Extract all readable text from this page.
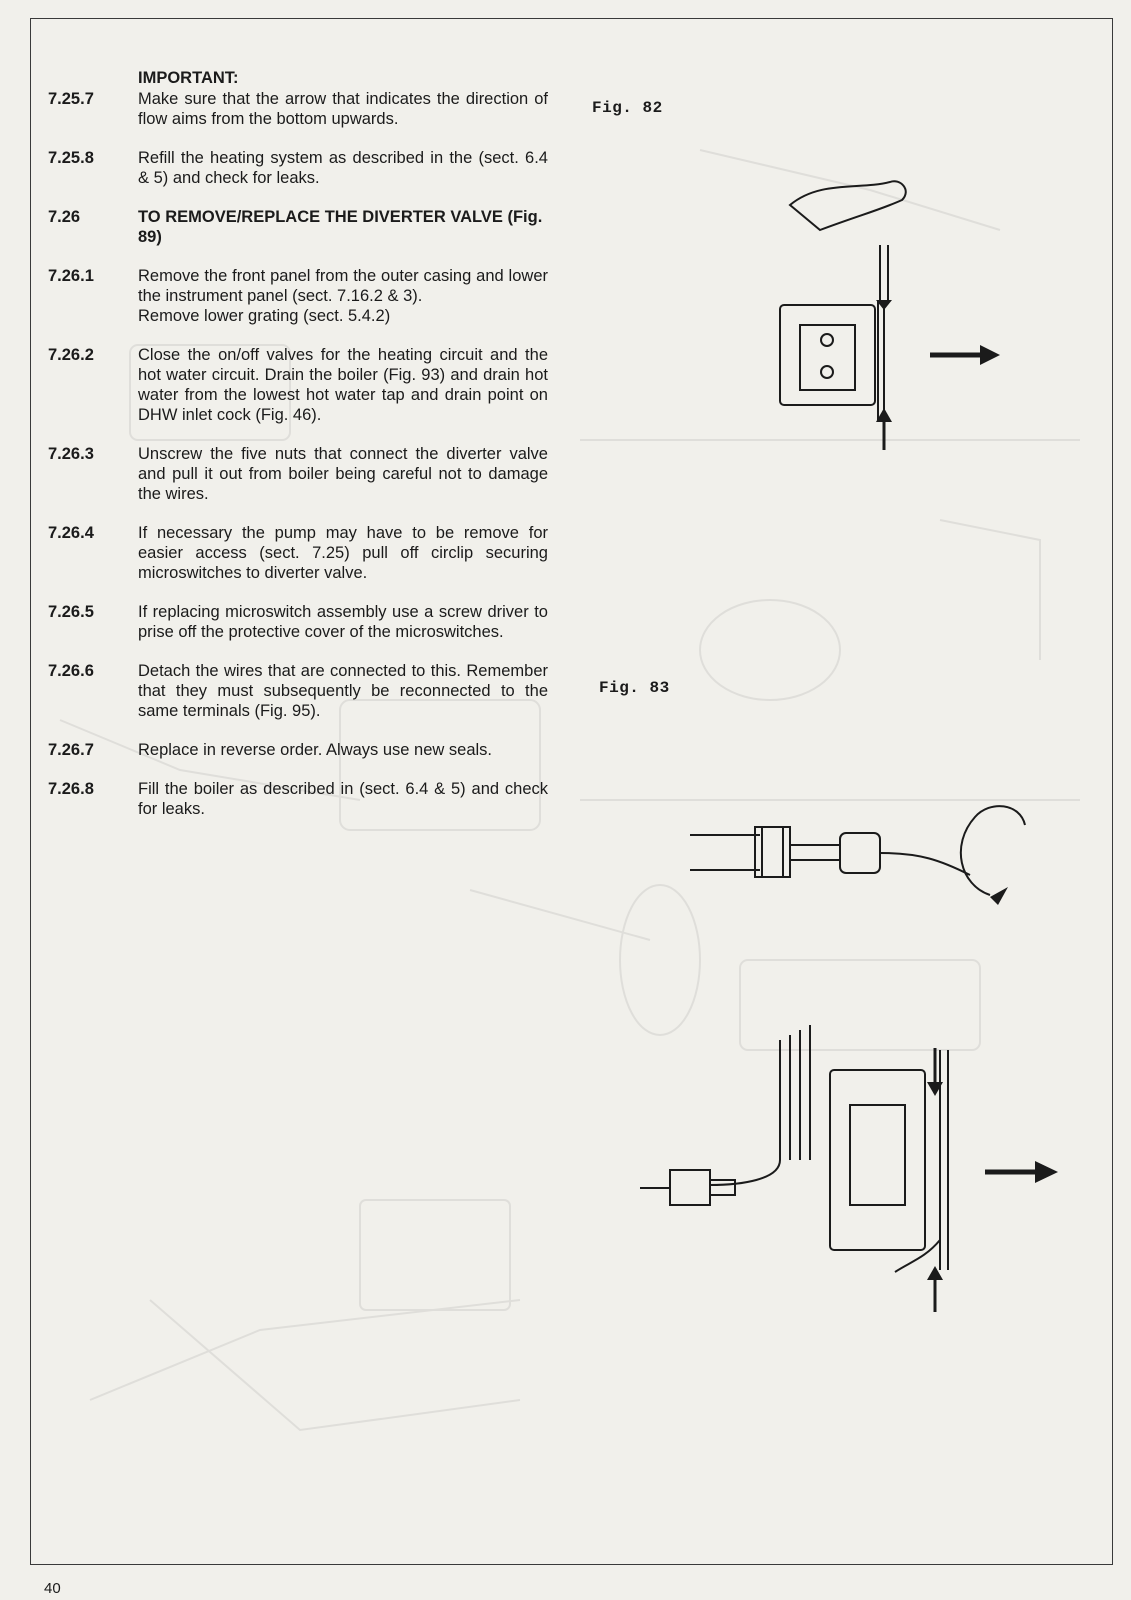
IMPORTANT:
7.25.7	Make sure that the arrow that indicates the direction of flow aims from the bottom upwards.
7.25.8	Refill the heating system as described in the (sect. 6.4 & 5) and check for leaks.
7.26	TO REMOVE/REPLACE THE DIVERTER VALVE (Fig. 89)
7.26.1	Remove the front panel from the outer casing and lower the instrument panel (sect. 7.16.2 & 3).
Remove lower grating (sect. 5.4.2)
7.26.2	Close the on/off valves for the heating circuit and the hot water circuit. Drain the boiler (Fig. 93) and drain hot water from the lowest hot water tap and drain point on DHW inlet cock (Fig. 46).
7.26.3	Unscrew the five nuts that connect the diverter valve and pull it out from boiler being careful not to damage the wires.
7.26.4	If necessary the pump may have to be remove for easier access (sect. 7.25) pull off circlip securing microswitches to diverter valve.
7.26.5	If replacing microswitch assembly use a screw driver to prise off the protective cover of the microswitches.
7.26.6	Detach the wires that are connected to this. Remember that they must subsequently be reconnected to the same terminals (Fig. 95).
7.26.7	Replace in reverse order. Always use new seals.
7.26.8	Fill the boiler as described in (sect. 6.4 & 5) and check for leaks.
Fig. 82
Fig. 83
40
